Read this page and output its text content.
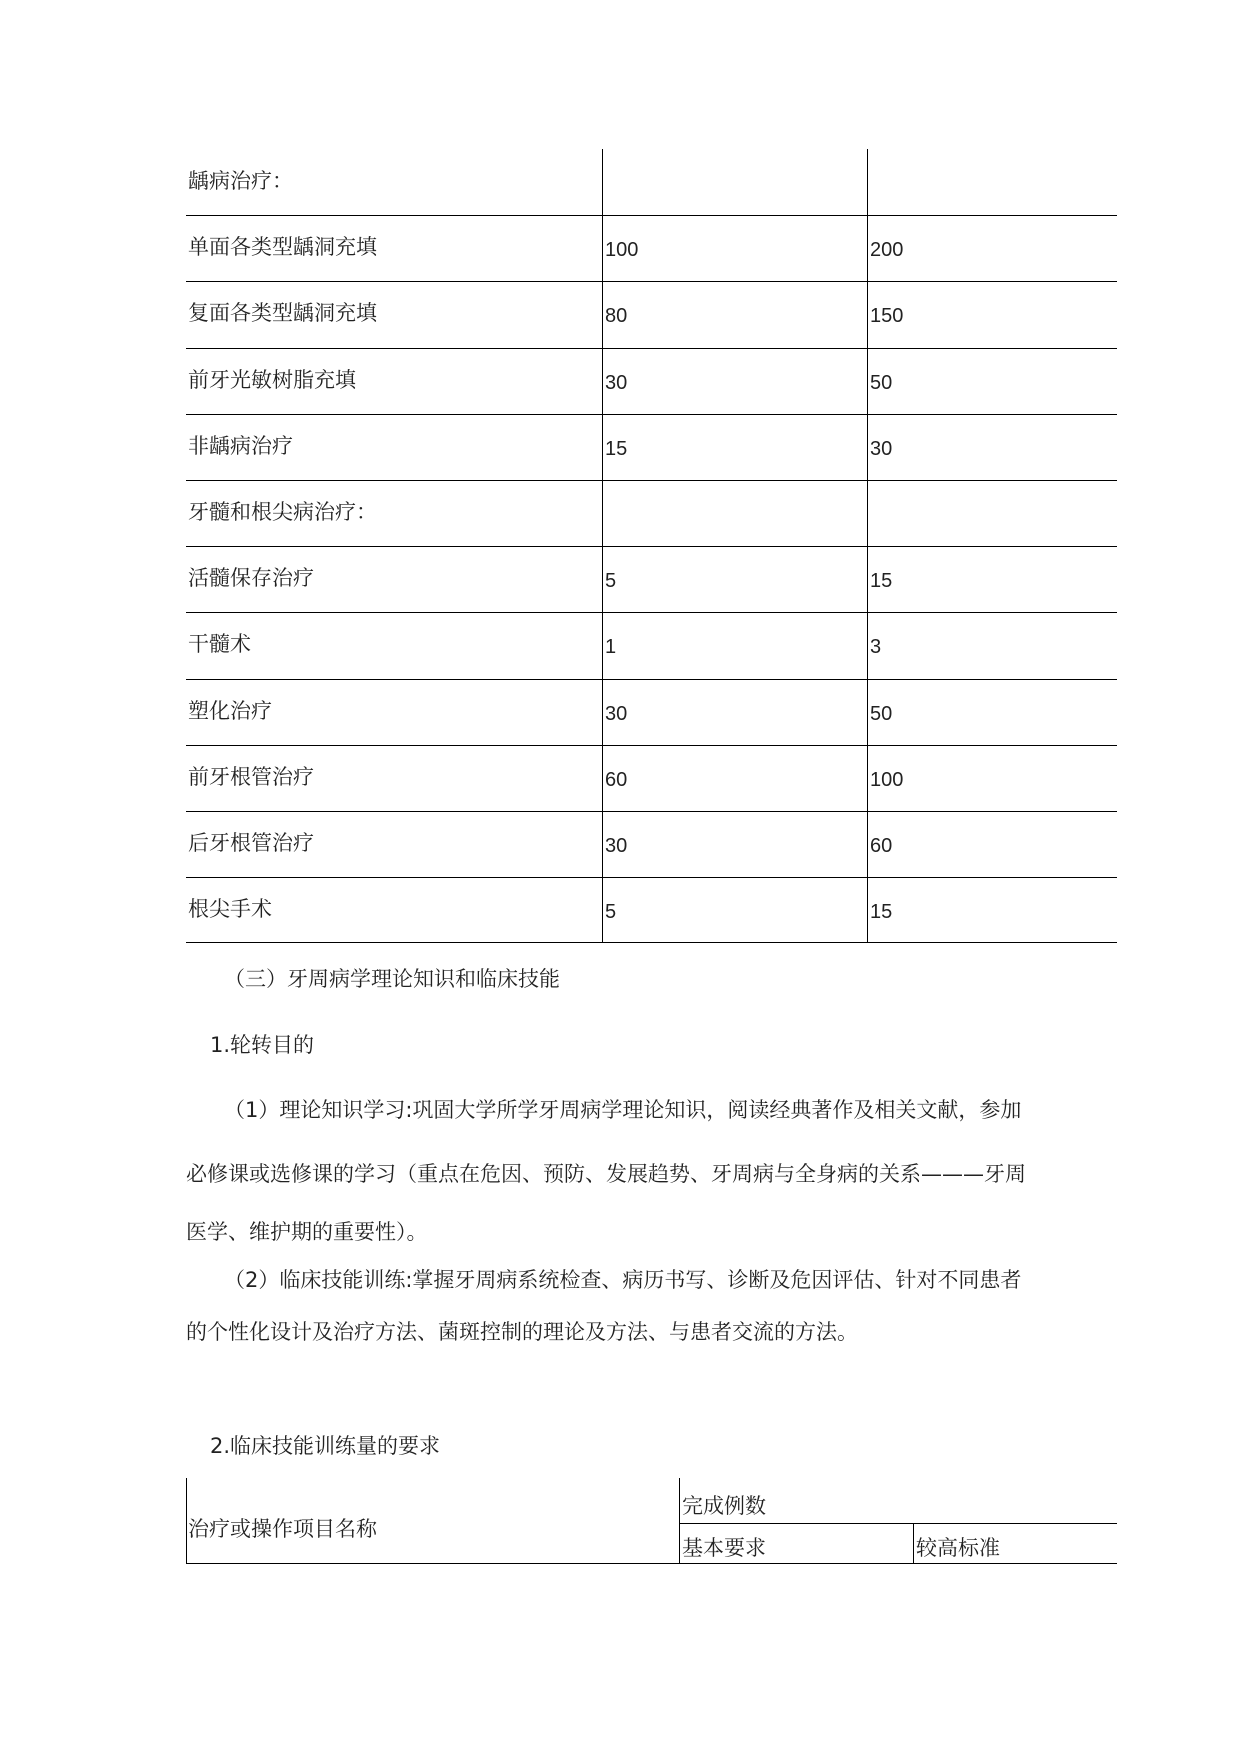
龋病治疗：
单面各类型龋洞充填	100	200
复面各类型龋洞充填	80	150
前牙光敏树脂充填	30	50
非龋病治疗	15	30
牙髓和根尖病治疗：
活髓保存治疗	5	15
干髓术	1	3
塑化治疗	30	50
前牙根管治疗	60	100
后牙根管治疗	30	60
根尖手术	5	15
（三）牙周病学理论知识和临床技能
1.轮转目的
（1）理论知识学习:巩固大学所学牙周病学理论知识，阅读经典著作及相关文献，参加
必修课或选修课的学习（重点在危因、预防、发展趋势、牙周病与全身病的关系———牙周
医学、维护期的重要性）。
（2）临床技能训练:掌握牙周病系统检查、病历书写、诊断及危因评估、针对不同患者
的个性化设计及治疗方法、菌斑控制的理论及方法、与患者交流的方法。
2.临床技能训练量的要求
治疗或操作项目名称
完成例数
基本要求	较高标准
